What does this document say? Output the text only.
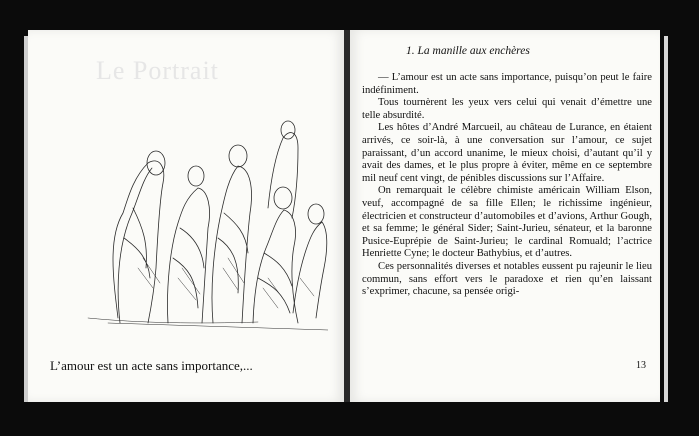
Le Portrait
L’amour est un acte sans importance,...
1. La manille aux enchères

— L’amour est un acte sans importance, puisqu’on peut le faire indéfiniment.

Tous tournèrent les yeux vers celui qui venait d’émettre une telle absurdité.

Les hôtes d’André Marcueil, au château de Lurance, en étaient arrivés, ce soir-là, à une conversation sur l’amour, ce sujet paraissant, d’un accord unanime, le mieux choisi, d’autant qu’il y avait des dames, et le plus propre à éviter, même en ce septembre mil neuf cent vingt, de pénibles discussions sur l’Affaire.

On remarquait le célèbre chimiste américain William Elson, veuf, accompagné de sa fille Ellen; le richissime ingénieur, électricien et constructeur d’automobiles et d’avions, Arthur Gough, et sa femme; le général Sider; Saint-Jurieu, sénateur, et la baronne Pusice-Euprépie de Saint-Jurieu; le cardinal Romuald; l’actrice Henriette Cyne; le docteur Bathybius, et d’autres.

Ces personnalités diverses et notables eussent pu rajeunir le lieu commun, sans effort vers le paradoxe et rien qu’en laissant s’exprimer, chacune, sa pensée origi-

13
